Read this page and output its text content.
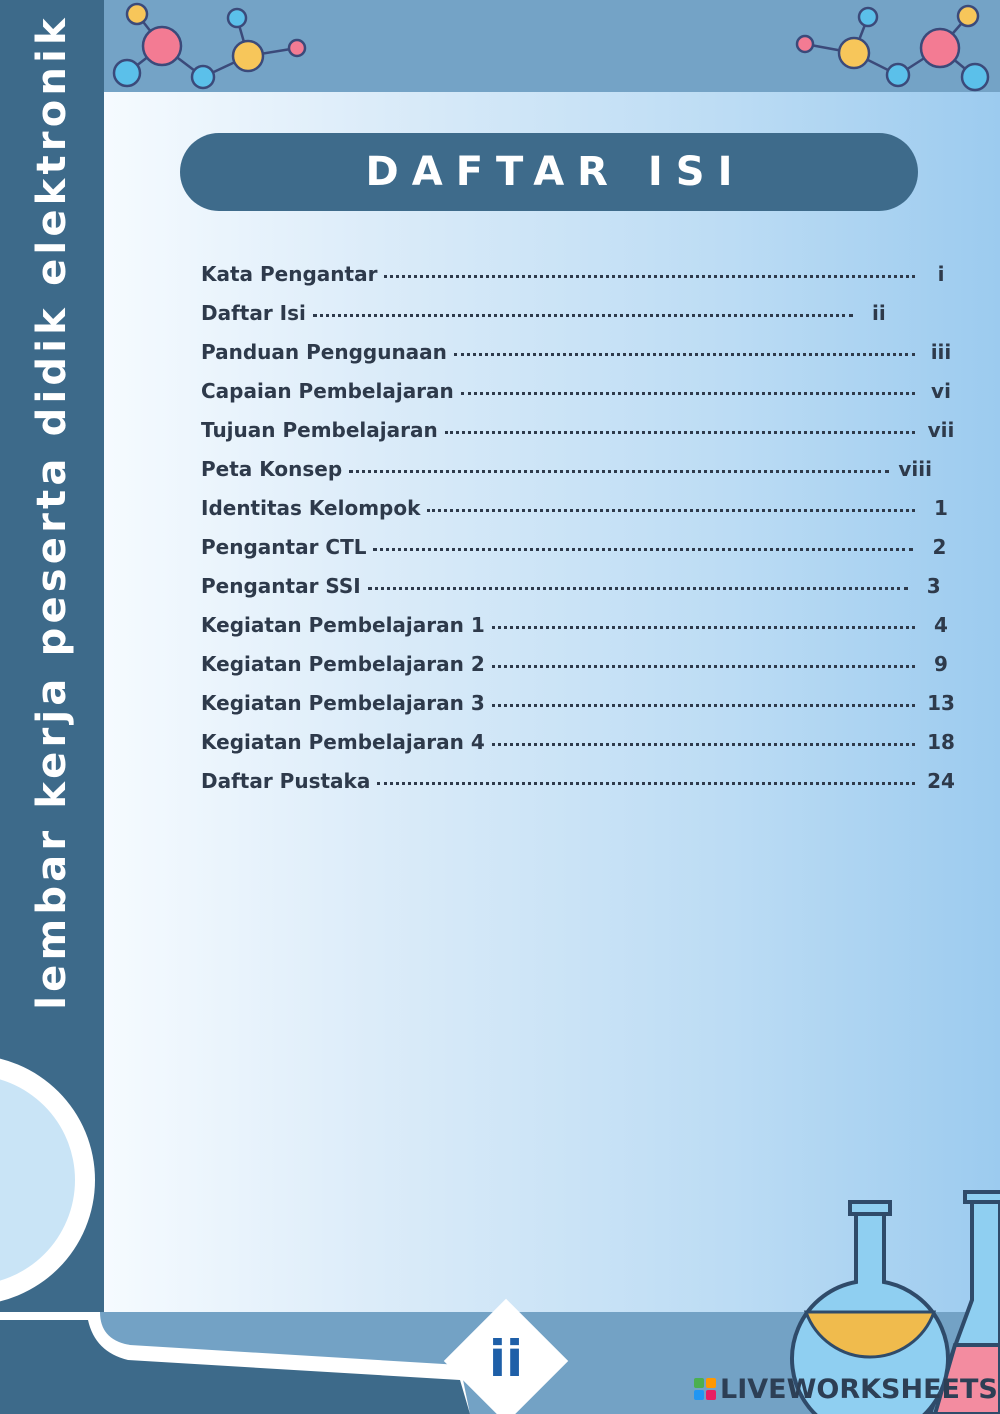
lembar kerja peserta didik elektronik	DAFTAR ISI
Kata Pengantar	i
Daftar Isi	ii
Panduan Penggunaan	iii
Capaian Pembelajaran	vi
Tujuan Pembelajaran	vii
Peta Konsep	viii
Identitas Kelompok	1
Pengantar CTL	2
Pengantar SSI	3
Kegiatan Pembelajaran 1	4
Kegiatan Pembelajaran 2	9
Kegiatan Pembelajaran 3	13
Kegiatan Pembelajaran 4	18
Daftar Pustaka	24
ii
LIVEWORKSHEETS
